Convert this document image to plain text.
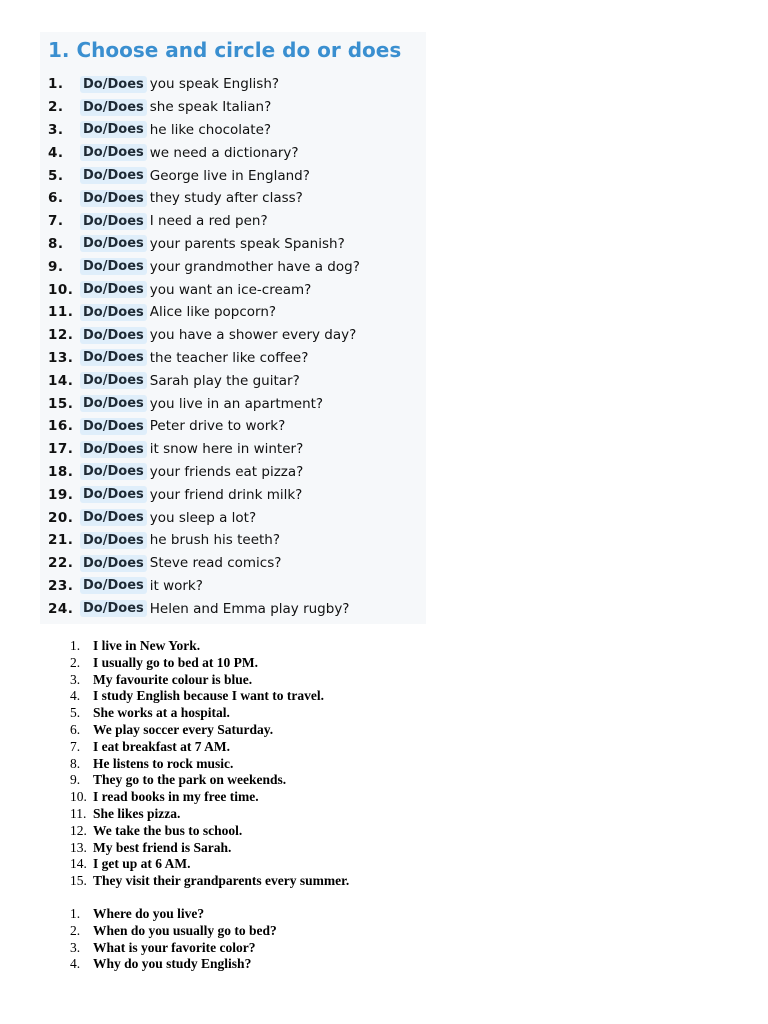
1. Choose and circle do or does
1.	Do/Does you speak English?
2.	Do/Does she speak Italian?
3.	Do/Does he like chocolate?
4.	Do/Does we need a dictionary?
5.	Do/Does George live in England?
6.	Do/Does they study after class?
7.	Do/Does I need a red pen?
8.	Do/Does your parents speak Spanish?
9.	Do/Does your grandmother have a dog?
10. Do/Does you want an ice-cream?
11. Do/Does Alice like popcorn?
12. Do/Does you have a shower every day?
13. Do/Does the teacher like coffee?
14. Do/Does Sarah play the guitar?
15. Do/Does you live in an apartment?
16. Do/Does Peter drive to work?
17. Do/Does it snow here in winter?
18. Do/Does your friends eat pizza?
19. Do/Does your friend drink milk?
20. Do/Does you sleep a lot?
21. Do/Does he brush his teeth?
22. Do/Does Steve read comics?
23. Do/Does it work?
24. Do/Does Helen and Emma play rugby?
1. I live in New York.
2. I usually go to bed at 10 PM.
3. My favourite colour is blue.
4. I study English because I want to travel.
5. She works at a hospital.
6. We play soccer every Saturday.
7. I eat breakfast at 7 AM.
8. He listens to rock music.
9. They go to the park on weekends.
10. I read books in my free time.
11. She likes pizza.
12. We take the bus to school.
13. My best friend is Sarah.
14. I get up at 6 AM.
15. They visit their grandparents every summer.
1. Where do you live?
2. When do you usually go to bed?
3. What is your favorite color?
4. Why do you study English?
